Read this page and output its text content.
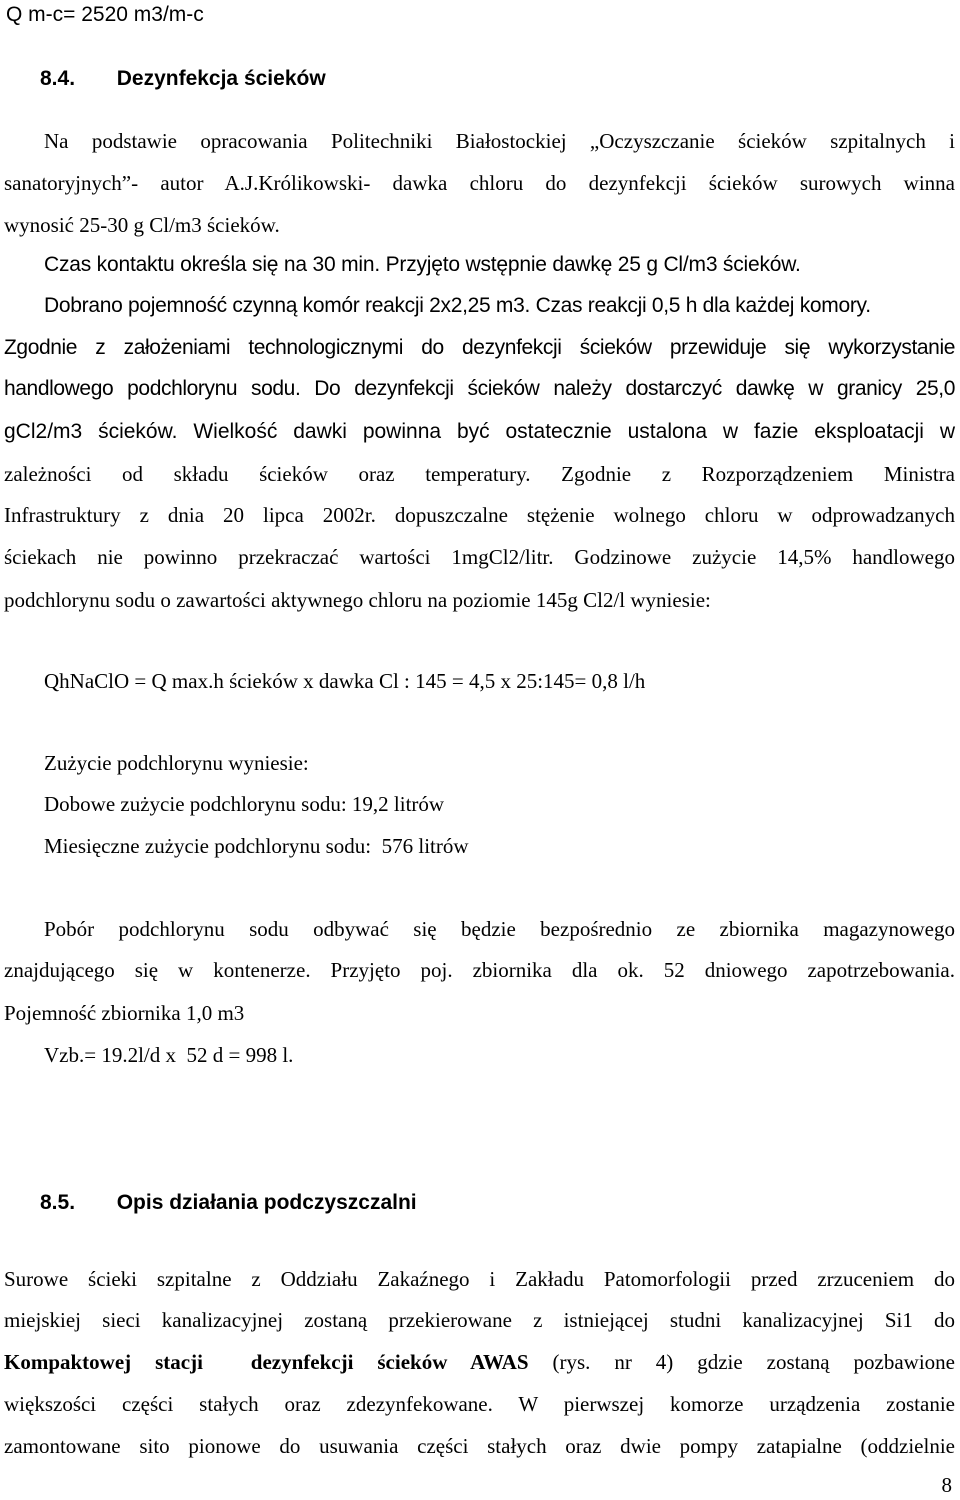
Q m-c= 2520 m3/m-c
8.4. Dezynfekcja ścieków
Na podstawie opracowania Politechniki Białostockiej „Oczyszczanie ścieków szpitalnych i
sanatoryjnych”- autor A.J.Królikowski- dawka chloru do dezynfekcji ścieków surowych winna
wynosić 25-30 g Cl/m3 ścieków.
Czas kontaktu określa się na 30 min. Przyjęto wstępnie dawkę 25 g Cl/m3 ścieków.
Dobrano pojemność czynną komór reakcji 2x2,25 m3. Czas reakcji 0,5 h dla każdej komory.
Zgodnie z założeniami technologicznymi do dezynfekcji ścieków przewiduje się wykorzystanie
handlowego podchlorynu sodu. Do dezynfekcji ścieków należy dostarczyć dawkę w granicy 25,0
gCl2/m3 ścieków. Wielkość dawki powinna być ostatecznie ustalona w fazie eksploatacji w
zależności od składu ścieków oraz temperatury. Zgodnie z Rozporządzeniem Ministra
Infrastruktury z dnia 20 lipca 2002r. dopuszczalne stężenie wolnego chloru w odprowadzanych
ściekach nie powinno przekraczać wartości 1mgCl2/litr. Godzinowe zużycie 14,5% handlowego
podchlorynu sodu o zawartości aktywnego chloru na poziomie 145g Cl2/l wyniesie:
QhNaClO = Q max.h ścieków x dawka Cl : 145 = 4,5 x 25:145= 0,8 l/h
Zużycie podchlorynu wyniesie:
Dobowe zużycie podchlorynu sodu: 19,2 litrów
Miesięczne zużycie podchlorynu sodu:  576 litrów
Pobór podchlorynu sodu odbywać się będzie bezpośrednio ze zbiornika magazynowego
znajdującego się w kontenerze. Przyjęto poj. zbiornika dla ok. 52 dniowego zapotrzebowania.
Pojemność zbiornika 1,0 m3
Vzb.= 19.2l/d x  52 d = 998 l.
8.5. Opis działania podczyszczalni
Surowe ścieki szpitalne z Oddziału Zakaźnego i Zakładu Patomorfologii przed zrzuceniem do
miejskiej sieci kanalizacyjnej zostaną przekierowane z istniejącej studni kanalizacyjnej Si1 do
Kompaktowej stacji  dezynfekcji ścieków AWAS (rys. nr 4) gdzie zostaną pozbawione
większości części stałych oraz zdezynfekowane. W pierwszej komorze urządzenia zostanie
zamontowane sito pionowe do usuwania części stałych oraz dwie pompy zatapialne (oddzielnie
8
